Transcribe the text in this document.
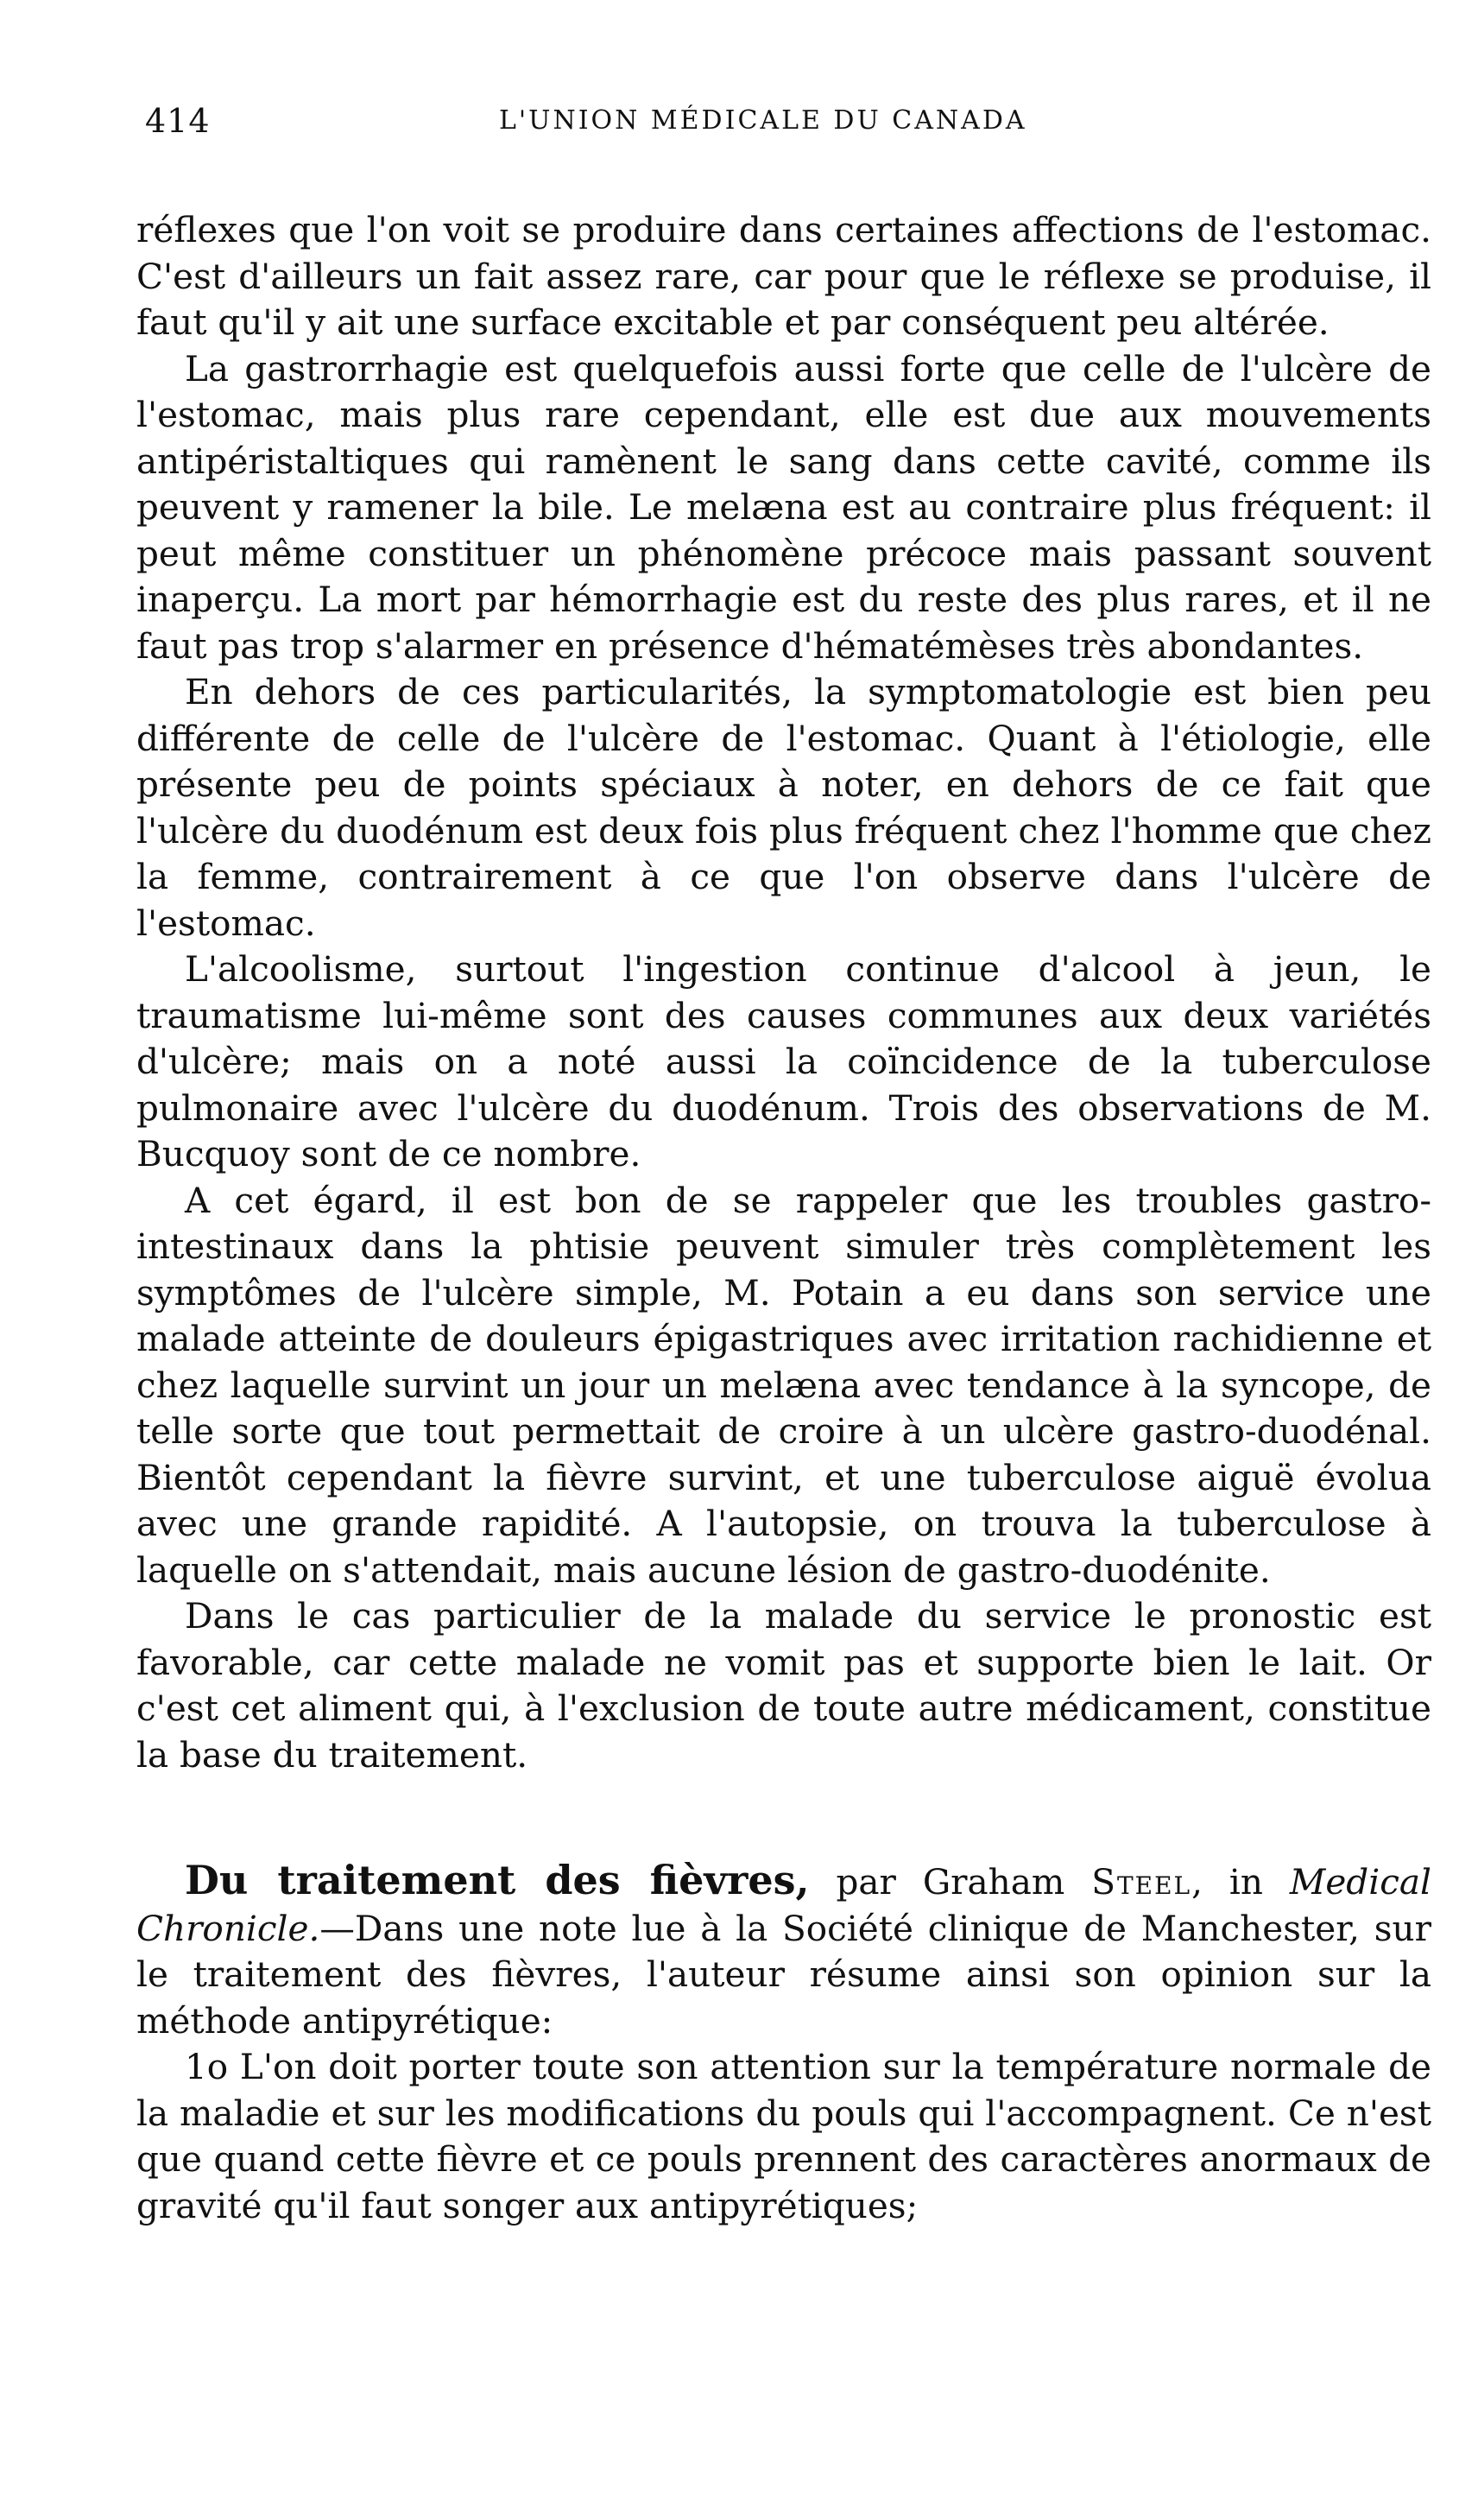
414	L'UNION MÉDICALE DU CANADA

réflexes que l'on voit se produire dans certaines affections de l'estomac. C'est d'ailleurs un fait assez rare, car pour que le réflexe se produise, il faut qu'il y ait une surface excitable et par conséquent peu altérée.

La gastrorrhagie est quelquefois aussi forte que celle de l'ulcère de l'estomac, mais plus rare cependant, elle est due aux mouvements antipéristaltiques qui ramènent le sang dans cette cavité, comme ils peuvent y ramener la bile. Le melæna est au contraire plus fréquent: il peut même constituer un phénomène précoce mais passant souvent inaperçu. La mort par hémorrhagie est du reste des plus rares, et il ne faut pas trop s'alarmer en présence d'hématémèses très abondantes.

En dehors de ces particularités, la symptomatologie est bien peu différente de celle de l'ulcère de l'estomac. Quant à l'étiologie, elle présente peu de points spéciaux à noter, en dehors de ce fait que l'ulcère du duodénum est deux fois plus fréquent chez l'homme que chez la femme, contrairement à ce que l'on observe dans l'ulcère de l'estomac.

L'alcoolisme, surtout l'ingestion continue d'alcool à jeun, le traumatisme lui-même sont des causes communes aux deux variétés d'ulcère; mais on a noté aussi la coïncidence de la tuberculose pulmonaire avec l'ulcère du duodénum. Trois des observations de M. Bucquoy sont de ce nombre.

A cet égard, il est bon de se rappeler que les troubles gastro-intestinaux dans la phtisie peuvent simuler très complètement les symptômes de l'ulcère simple, M. Potain a eu dans son service une malade atteinte de douleurs épigastriques avec irritation rachidienne et chez laquelle survint un jour un melæna avec tendance à la syncope, de telle sorte que tout permettait de croire à un ulcère gastro-duodénal. Bientôt cependant la fièvre survint, et une tuberculose aiguë évolua avec une grande rapidité. A l'autopsie, on trouva la tuberculose à laquelle on s'attendait, mais aucune lésion de gastro-duodénite.

Dans le cas particulier de la malade du service le pronostic est favorable, car cette malade ne vomit pas et supporte bien le lait. Or c'est cet aliment qui, à l'exclusion de toute autre médicament, constitue la base du traitement.

Du traitement des fièvres, par Graham Steel, in Medical Chronicle.—Dans une note lue à la Société clinique de Manchester, sur le traitement des fièvres, l'auteur résume ainsi son opinion sur la méthode antipyrétique:

1o L'on doit porter toute son attention sur la température normale de la maladie et sur les modifications du pouls qui l'accompagnent. Ce n'est que quand cette fièvre et ce pouls prennent des caractères anormaux de gravité qu'il faut songer aux antipyrétiques;
